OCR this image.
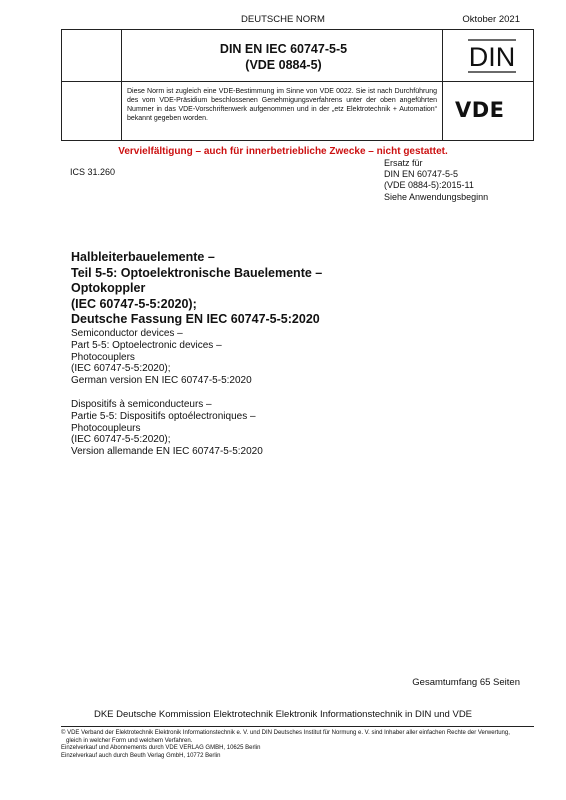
DEUTSCHE NORM	Oktober 2021
DIN EN IEC 60747-5-5
(VDE 0884-5)	DIN
Diese Norm ist zugleich eine VDE-Bestimmung im Sinne von VDE 0022. Sie ist nach Durchführung des vom VDE-Präsidium beschlossenen Genehmigungsverfahrens unter der oben angeführten Nummer in das VDE-Vorschriftenwerk aufgenommen und in der „etz Elektrotechnik + Automation“ bekannt gegeben worden.	VDE
Vervielfältigung – auch für innerbetriebliche Zwecke – nicht gestattet.
ICS 31.260
Ersatz für
DIN EN 60747-5-5
(VDE 0884-5):2015-11
Siehe Anwendungsbeginn
Halbleiterbauelemente –
Teil 5-5: Optoelektronische Bauelemente –
Optokoppler
(IEC 60747-5-5:2020);
Deutsche Fassung EN IEC 60747-5-5:2020
Semiconductor devices –
Part 5-5: Optoelectronic devices –
Photocouplers
(IEC 60747-5-5:2020);
German version EN IEC 60747-5-5:2020
Dispositifs à semiconducteurs –
Partie 5-5: Dispositifs optoélectroniques –
Photocoupleurs
(IEC 60747-5-5:2020);
Version allemande EN IEC 60747-5-5:2020
Gesamtumfang 65 Seiten
DKE Deutsche Kommission Elektrotechnik Elektronik Informationstechnik in DIN und VDE
© VDE Verband der Elektrotechnik Elektronik Informationstechnik e. V. und DIN Deutsches Institut für Normung e. V. sind Inhaber aller einfachen Rechte der Verwertung,
gleich in welcher Form und welchem Verfahren.
Einzelverkauf und Abonnements durch VDE VERLAG GMBH, 10625 Berlin
Einzelverkauf auch durch Beuth Verlag GmbH, 10772 Berlin
